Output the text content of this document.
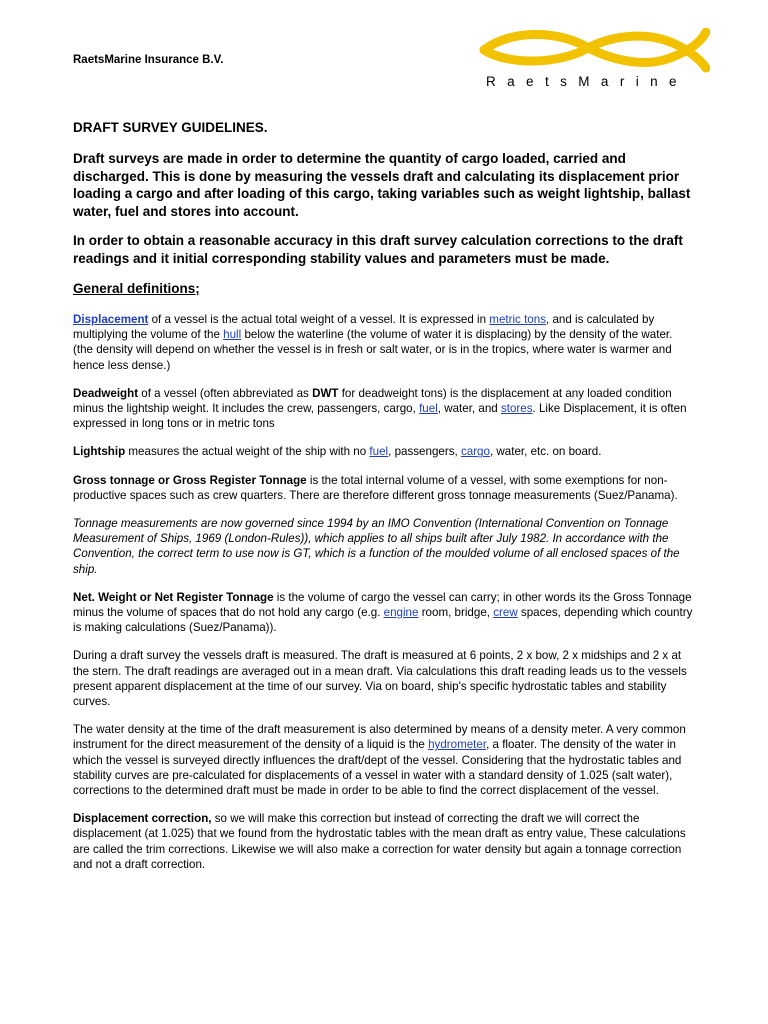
RaetsMarine Insurance B.V.
RaetsMarine
DRAFT SURVEY GUIDELINES.
Draft surveys are made in order to determine the quantity of cargo loaded, carried and discharged. This is done by measuring the vessels draft and calculating its displacement prior loading a cargo and after loading of this cargo, taking variables such as weight lightship, ballast water, fuel and stores into account.
In order to obtain a reasonable accuracy in this draft survey calculation corrections to the draft readings and it initial corresponding stability values and parameters must be made.
General definitions;
Displacement of a vessel is the actual total weight of a vessel. It is expressed in metric tons, and is calculated by multiplying the volume of the hull below the waterline (the volume of water it is displacing) by the density of the water. (the density will depend on whether the vessel is in fresh or salt water, or is in the tropics, where water is warmer and hence less dense.)
Deadweight of a vessel (often abbreviated as DWT for deadweight tons) is the displacement at any loaded condition minus the lightship weight. It includes the crew, passengers, cargo, fuel, water, and stores. Like Displacement, it is often expressed in long tons or in metric tons
Lightship measures the actual weight of the ship with no fuel, passengers, cargo, water, etc. on board.
Gross tonnage or Gross Register Tonnage is the total internal volume of a vessel, with some exemptions for non-productive spaces such as crew quarters. There are therefore different gross tonnage measurements (Suez/Panama).
Tonnage measurements are now governed since 1994 by an IMO Convention (International Convention on Tonnage Measurement of Ships, 1969 (London-Rules)), which applies to all ships built after July 1982. In accordance with the Convention, the correct term to use now is GT, which is a function of the moulded volume of all enclosed spaces of the ship.
Net. Weight or Net Register Tonnage is the volume of cargo the vessel can carry; in other words its the Gross Tonnage minus the volume of spaces that do not hold any cargo (e.g. engine room, bridge, crew spaces, depending which country is making calculations (Suez/Panama)).
During a draft survey the vessels draft is measured. The draft is measured at 6 points, 2 x bow, 2 x midships and 2 x at the stern. The draft readings are averaged out in a mean draft. Via calculations this draft reading leads us to the vessels present apparent displacement at the time of our survey. Via on board, ship's specific hydrostatic tables and stability curves.
The water density at the time of the draft measurement is also determined by means of a density meter. A very common instrument for the direct measurement of the density of a liquid is the hydrometer, a floater. The density of the water in which the vessel is surveyed directly influences the draft/dept of the vessel. Considering that the hydrostatic tables and stability curves are pre-calculated for displacements of a vessel in water with a standard density of 1.025 (salt water), corrections to the determined draft must be made in order to be able to find the correct displacement of the vessel.
Displacement correction, so we will make this correction but instead of correcting the draft we will correct the displacement (at 1.025) that we found from the hydrostatic tables with the mean draft as entry value, These calculations are called the trim corrections. Likewise we will also make a correction for water density but again a tonnage correction and not a draft correction.
